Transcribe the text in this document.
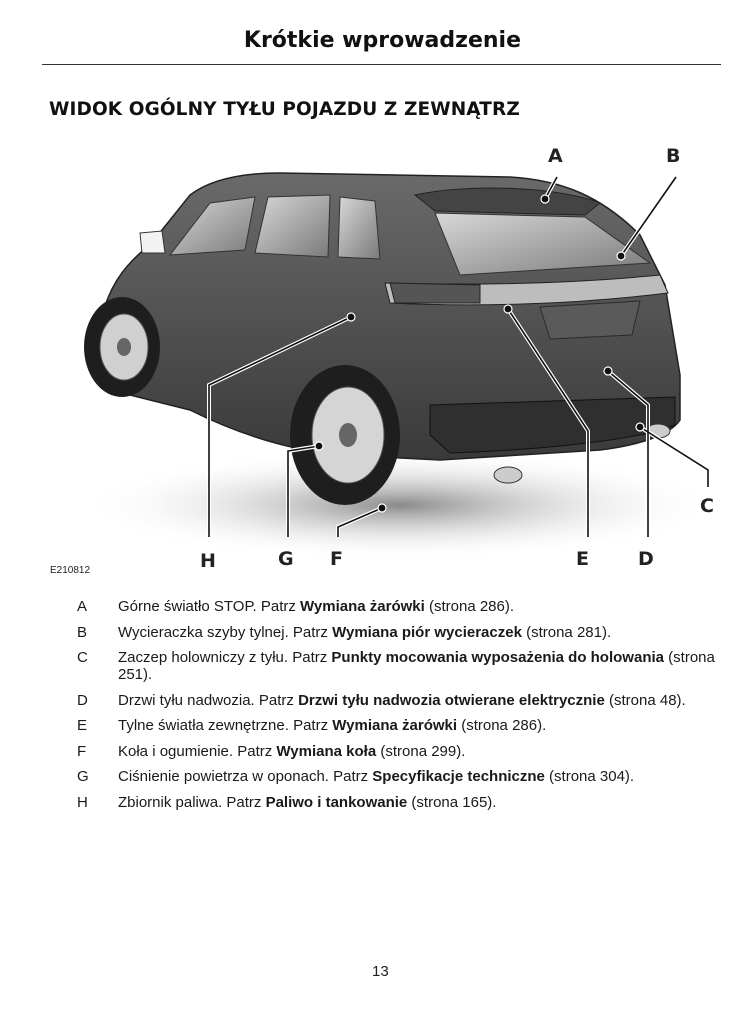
Krótkie wprowadzenie
WIDOK OGÓLNY TYŁU POJAZDU Z ZEWNĄTRZ
A	B
C
D
E
F
G
H
E210812
A	Górne światło STOP. Patrz Wymiana żarówki (strona 286).
B	Wycieraczka szyby tylnej. Patrz Wymiana piór wycieraczek (strona 281).
C	Zaczep holowniczy z tyłu. Patrz Punkty mocowania wyposażenia do holowania (strona 251).
D	Drzwi tyłu nadwozia. Patrz Drzwi tyłu nadwozia otwierane elektrycznie (strona 48).
E	Tylne światła zewnętrzne. Patrz Wymiana żarówki (strona 286).
F	Koła i ogumienie. Patrz Wymiana koła (strona 299).
G	Ciśnienie powietrza w oponach. Patrz Specyfikacje techniczne (strona 304).
H	Zbiornik paliwa. Patrz Paliwo i tankowanie (strona 165).
13
